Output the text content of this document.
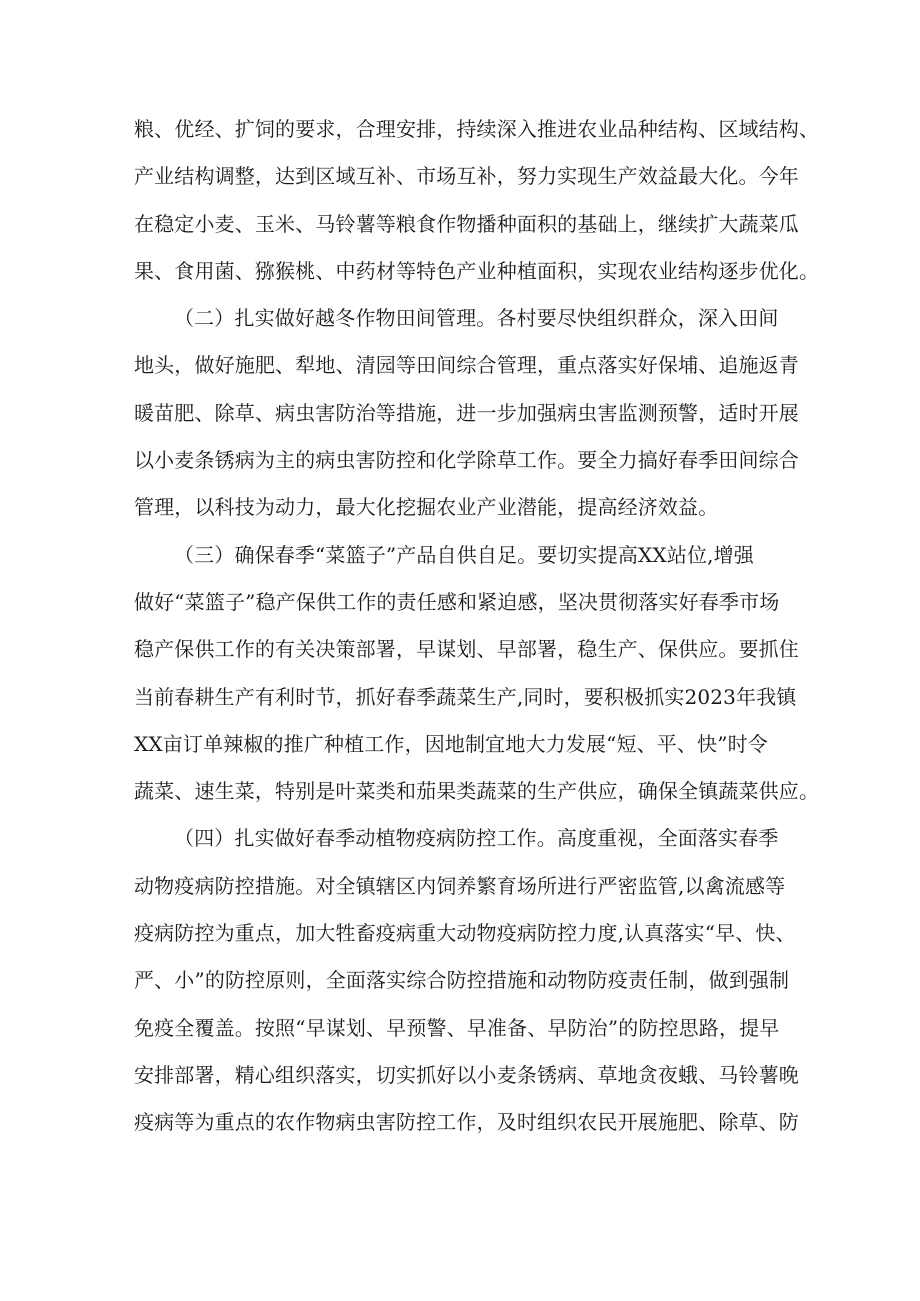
粮、优经、扩饲的要求，合理安排，持续深入推进农业品种结构、区域结构、
产业结构调整，达到区域互补、市场互补，努力实现生产效益最大化。今年
在稳定小麦、玉米、马铃薯等粮食作物播种面积的基础上，继续扩大蔬菜瓜
果、食用菌、猕猴桃、中药材等特色产业种植面积，实现农业结构逐步优化。
（二）扎实做好越冬作物田间管理。各村要尽快组织群众，深入田间
地头，做好施肥、犁地、清园等田间综合管理，重点落实好保埔、追施返青
暖苗肥、除草、病虫害防治等措施，进一步加强病虫害监测预警，适时开展
以小麦条锈病为主的病虫害防控和化学除草工作。要全力搞好春季田间综合
管理，以科技为动力，最大化挖掘农业产业潜能，提高经济效益。
（三）确保春季“菜篮子”产品自供自足。要切实提高XX站位,增强
做好“菜篮子”稳产保供工作的责任感和紧迫感，坚决贯彻落实好春季市场
稳产保供工作的有关决策部署，早谋划、早部署，稳生产、保供应。要抓住
当前春耕生产有利时节，抓好春季蔬菜生产,同时，要积极抓实2023年我镇
XX亩订单辣椒的推广种植工作，因地制宜地大力发展“短、平、快”时令
蔬菜、速生菜，特别是叶菜类和茄果类蔬菜的生产供应，确保全镇蔬菜供应。
（四）扎实做好春季动植物疫病防控工作。高度重视，全面落实春季
动物疫病防控措施。对全镇辖区内饲养繁育场所进行严密监管,以禽流感等
疫病防控为重点，加大牲畜疫病重大动物疫病防控力度,认真落实“早、快、
严、小”的防控原则，全面落实综合防控措施和动物防疫责任制，做到强制
免疫全覆盖。按照“早谋划、早预警、早准备、早防治”的防控思路，提早
安排部署，精心组织落实，切实抓好以小麦条锈病、草地贪夜蛾、马铃薯晚
疫病等为重点的农作物病虫害防控工作，及时组织农民开展施肥、除草、防
